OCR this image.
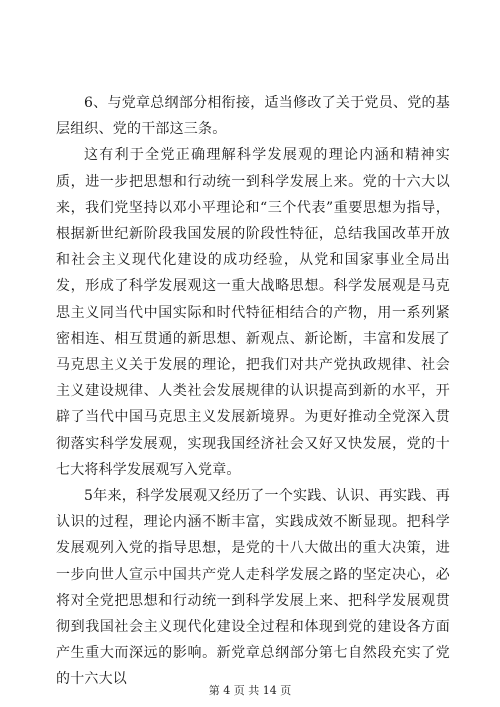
6、与党章总纲部分相衔接，适当修改了关于党员、党的基层组织、党的干部这三条。

这有利于全党正确理解科学发展观的理论内涵和精神实质，进一步把思想和行动统一到科学发展上来。党的十六大以来，我们党坚持以邓小平理论和“三个代表”重要思想为指导，根据新世纪新阶段我国发展的阶段性特征，总结我国改革开放和社会主义现代化建设的成功经验，从党和国家事业全局出发，形成了科学发展观这一重大战略思想。科学发展观是马克思主义同当代中国实际和时代特征相结合的产物，用一系列紧密相连、相互贯通的新思想、新观点、新论断，丰富和发展了马克思主义关于发展的理论，把我们对共产党执政规律、社会主义建设规律、人类社会发展规律的认识提高到新的水平，开辟了当代中国马克思主义发展新境界。为更好推动全党深入贯彻落实科学发展观，实现我国经济社会又好又快发展，党的十七大将科学发展观写入党章。

5年来，科学发展观又经历了一个实践、认识、再实践、再认识的过程，理论内涵不断丰富，实践成效不断显现。把科学发展观列入党的指导思想，是党的十八大做出的重大决策，进一步向世人宣示中国共产党人走科学发展之路的坚定决心，必将对全党把思想和行动统一到科学发展上来、把科学发展观贯彻到我国社会主义现代化建设全过程和体现到党的建设各方面产生重大而深远的影响。新党章总纲部分第七自然段充实了党的十六大以

第 4 页 共 14 页
